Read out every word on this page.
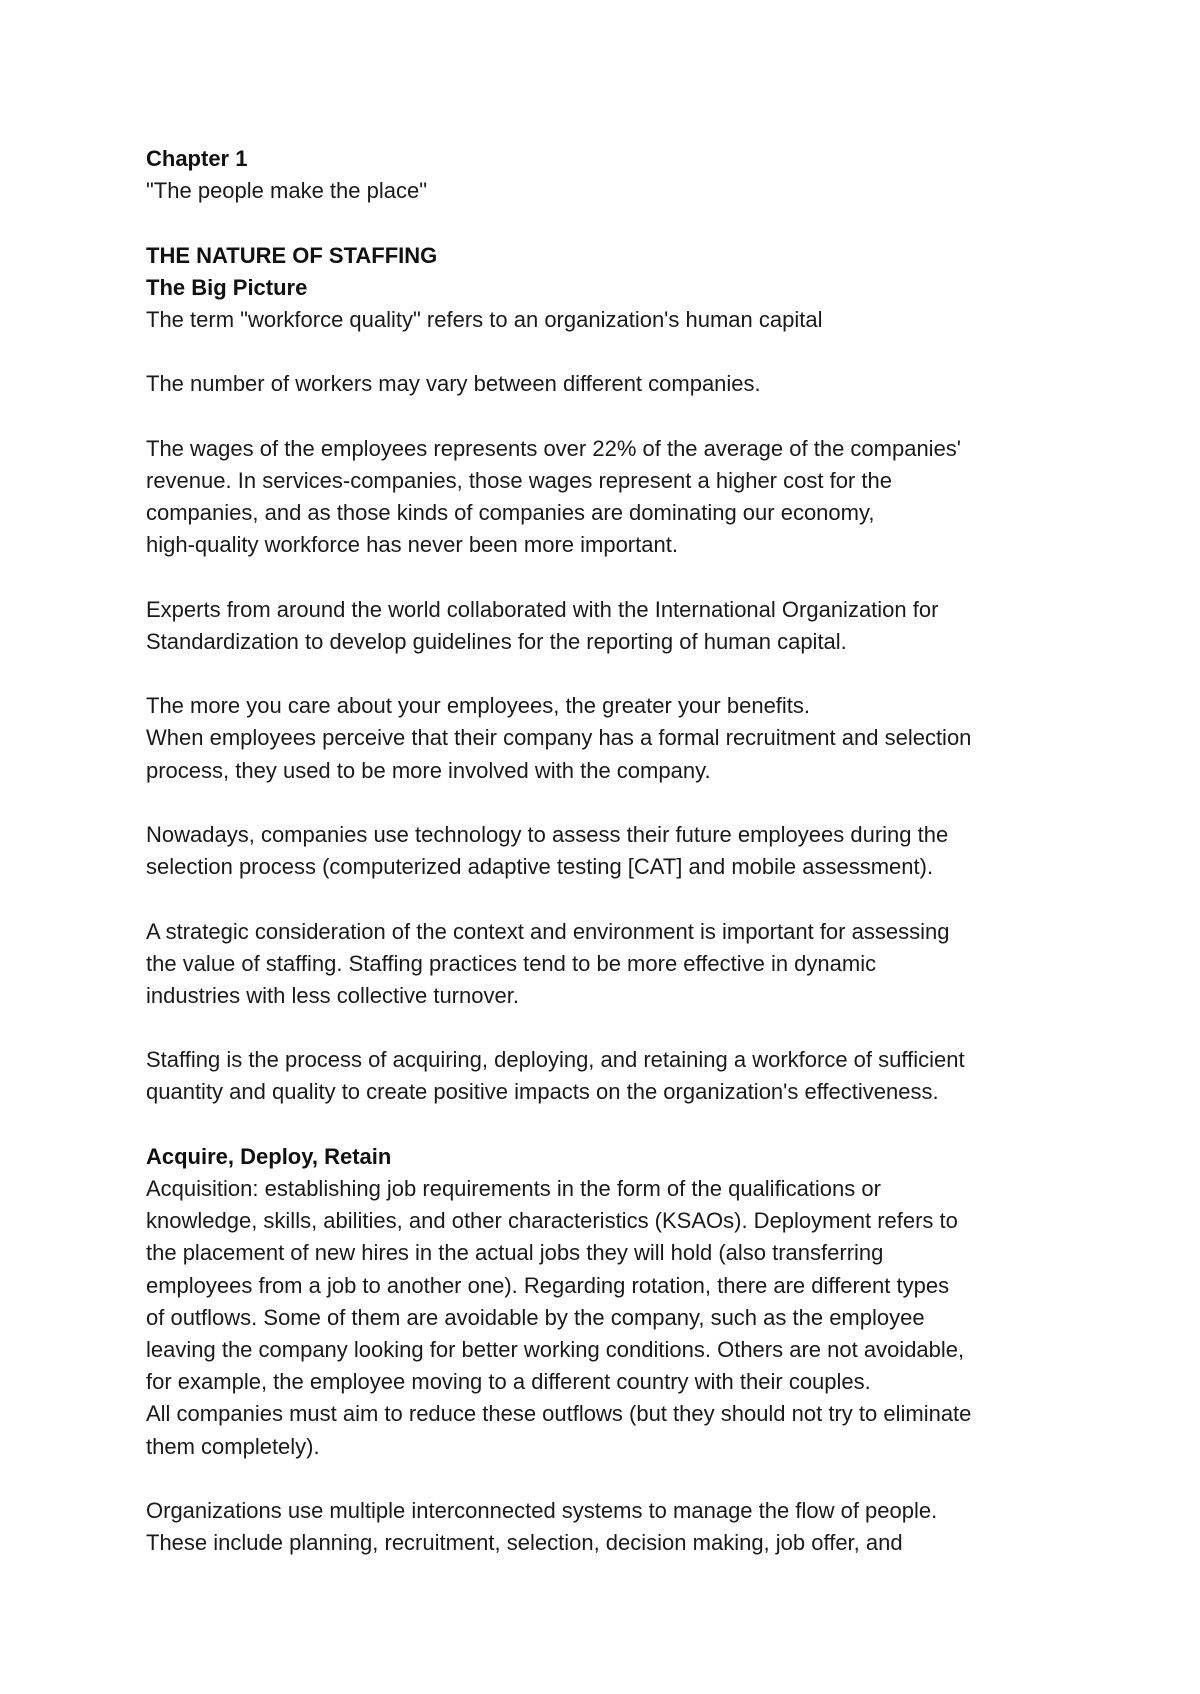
Chapter 1
"The people make the place"
THE NATURE OF STAFFING
The Big Picture
The term "workforce quality" refers to an organization's human capital
The number of workers may vary between different companies.
The wages of the employees represents over 22% of the average of the companies'
revenue. In services-companies, those wages represent a higher cost for the
companies, and as those kinds of companies are dominating our economy,
high-quality workforce has never been more important.
Experts from around the world collaborated with the International Organization for
Standardization to develop guidelines for the reporting of human capital.
The more you care about your employees, the greater your benefits.
When employees perceive that their company has a formal recruitment and selection
process, they used to be more involved with the company.
Nowadays, companies use technology to assess their future employees during the
selection process (computerized adaptive testing [CAT] and mobile assessment).
A strategic consideration of the context and environment is important for assessing
the value of staffing. Staffing practices tend to be more effective in dynamic
industries with less collective turnover.
Staffing is the process of acquiring, deploying, and retaining a workforce of sufficient
quantity and quality to create positive impacts on the organization's effectiveness.
Acquire, Deploy, Retain
Acquisition: establishing job requirements in the form of the qualifications or
knowledge, skills, abilities, and other characteristics (KSAOs). Deployment refers to
the placement of new hires in the actual jobs they will hold (also transferring
employees from a job to another one). Regarding rotation, there are different types
of outflows. Some of them are avoidable by the company, such as the employee
leaving the company looking for better working conditions. Others are not avoidable,
for example, the employee moving to a different country with their couples.
All companies must aim to reduce these outflows (but they should not try to eliminate
them completely).
Organizations use multiple interconnected systems to manage the flow of people.
These include planning, recruitment, selection, decision making, job offer, and
